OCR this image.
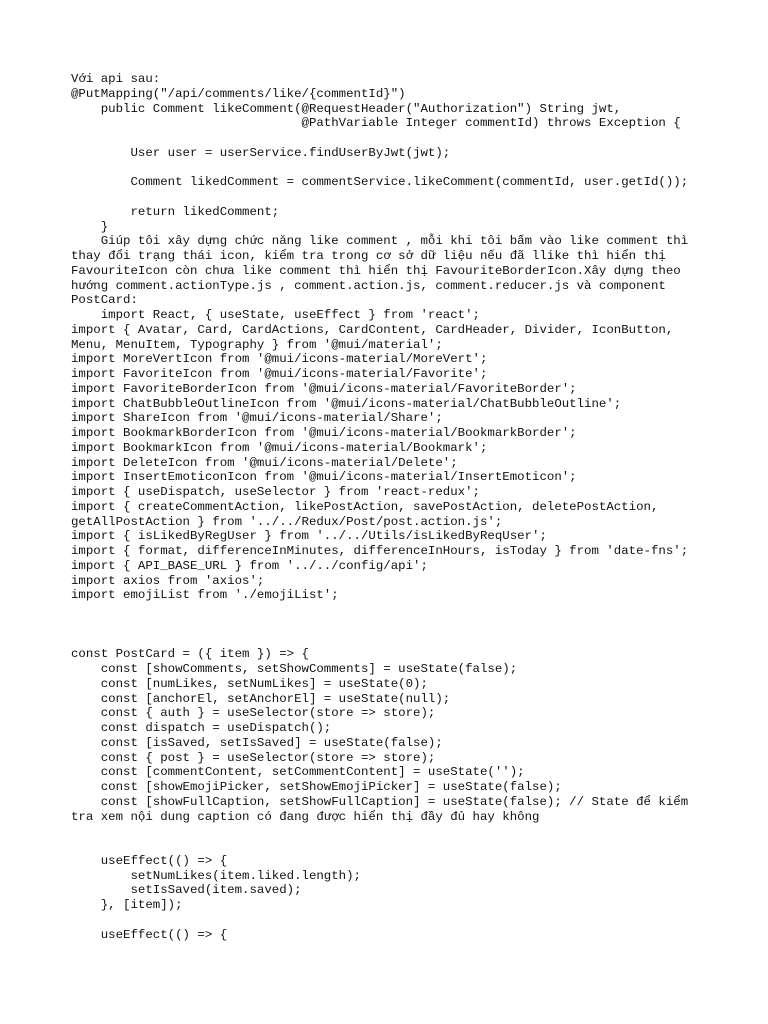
Với api sau:
@PutMapping("/api/comments/like/{commentId}")
public Comment likeComment(@RequestHeader("Authorization") String jwt,
@PathVariable Integer commentId) throws Exception {
User user = userService.findUserByJwt(jwt);
Comment likedComment = commentService.likeComment(commentId, user.getId());
return likedComment;
}
Giúp tôi xây dựng chức năng like comment , mỗi khi tôi bấm vào like comment thì
thay đổi trạng thái icon, kiểm tra trong cơ sở dữ liệu nếu đã llike thì hiển thị
FavouriteIcon còn chưa like comment thì hiển thị FavouriteBorderIcon.Xây dựng theo
hướng comment.actionType.js , comment.action.js, comment.reducer.js và component
PostCard:
import React, { useState, useEffect } from 'react';
import { Avatar, Card, CardActions, CardContent, CardHeader, Divider, IconButton,
Menu, MenuItem, Typography } from '@mui/material';
import MoreVertIcon from '@mui/icons-material/MoreVert';
import FavoriteIcon from '@mui/icons-material/Favorite';
import FavoriteBorderIcon from '@mui/icons-material/FavoriteBorder';
import ChatBubbleOutlineIcon from '@mui/icons-material/ChatBubbleOutline';
import ShareIcon from '@mui/icons-material/Share';
import BookmarkBorderIcon from '@mui/icons-material/BookmarkBorder';
import BookmarkIcon from '@mui/icons-material/Bookmark';
import DeleteIcon from '@mui/icons-material/Delete';
import InsertEmoticonIcon from '@mui/icons-material/InsertEmoticon';
import { useDispatch, useSelector } from 'react-redux';
import { createCommentAction, likePostAction, savePostAction, deletePostAction,
getAllPostAction } from '../../Redux/Post/post.action.js';
import { isLikedByRegUser } from '../../Utils/isLikedByReqUser';
import { format, differenceInMinutes, differenceInHours, isToday } from 'date-fns';
import { API_BASE_URL } from '../../config/api';
import axios from 'axios';
import emojiList from './emojiList';
const PostCard = ({ item }) => {
const [showComments, setShowComments] = useState(false);
const [numLikes, setNumLikes] = useState(0);
const [anchorEl, setAnchorEl] = useState(null);
const { auth } = useSelector(store => store);
const dispatch = useDispatch();
const [isSaved, setIsSaved] = useState(false);
const { post } = useSelector(store => store);
const [commentContent, setCommentContent] = useState('');
const [showEmojiPicker, setShowEmojiPicker] = useState(false);
const [showFullCaption, setShowFullCaption] = useState(false); // State để kiểm
tra xem nội dung caption có đang được hiển thị đầy đủ hay không
useEffect(() => {
setNumLikes(item.liked.length);
setIsSaved(item.saved);
}, [item]);
useEffect(() => {
